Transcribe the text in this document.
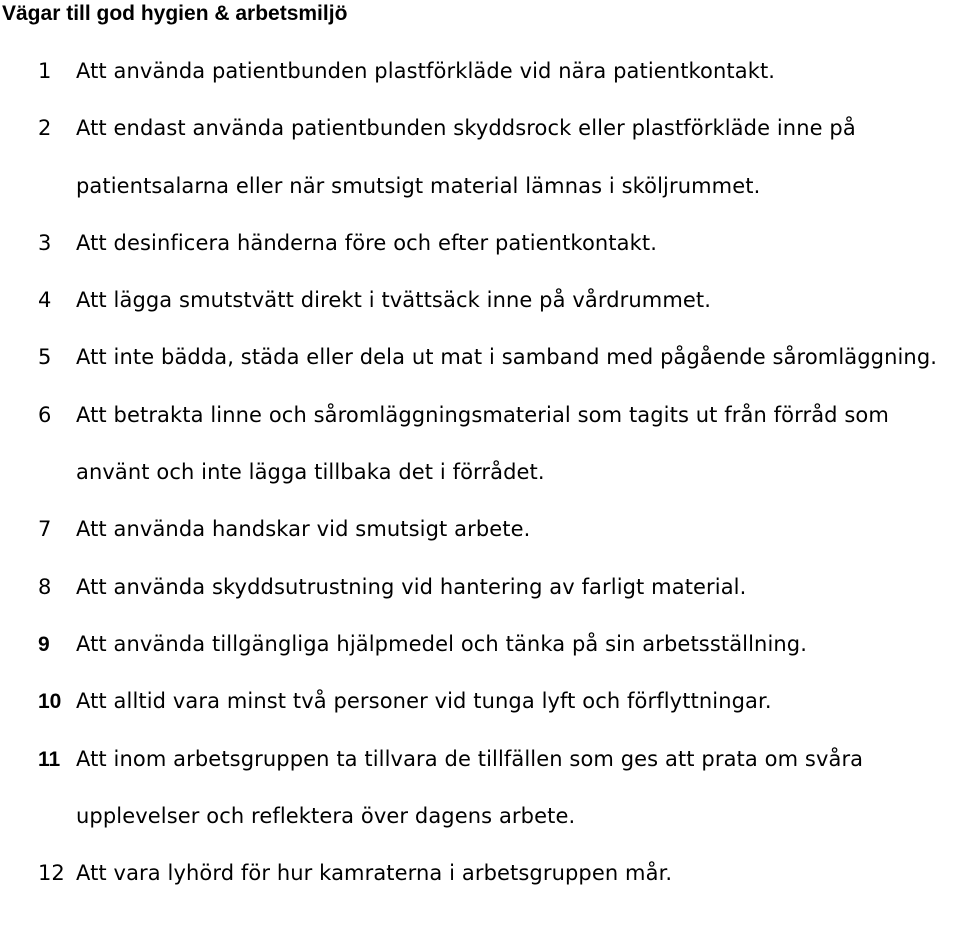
Vägar till god hygien & arbetsmiljö
1	Att använda patientbunden plastförkläde vid nära patientkontakt.
2	Att endast använda patientbunden skyddsrock eller plastförkläde inne på patientsalarna eller när smutsigt material lämnas i sköljrummet.
3	Att desinficera händerna före och efter patientkontakt.
4	Att lägga smutstvätt direkt i tvättsäck inne på vårdrummet.
5	Att inte bädda, städa eller dela ut mat i samband med pågående såromläggning.
6	Att betrakta linne och såromläggningsmaterial som tagits ut från förråd som använt och inte lägga tillbaka det i förrådet.
7	Att använda handskar vid smutsigt arbete.
8	Att använda skyddsutrustning vid hantering av farligt material.
9	Att använda tillgängliga hjälpmedel och tänka på sin arbetsställning.
10 Att alltid vara minst två personer vid tunga lyft och förflyttningar.
11 Att inom arbetsgruppen ta tillvara de tillfällen som ges att prata om svåra upplevelser och reflektera över dagens arbete.
12 Att vara lyhörd för hur kamraterna i arbetsgruppen mår.
